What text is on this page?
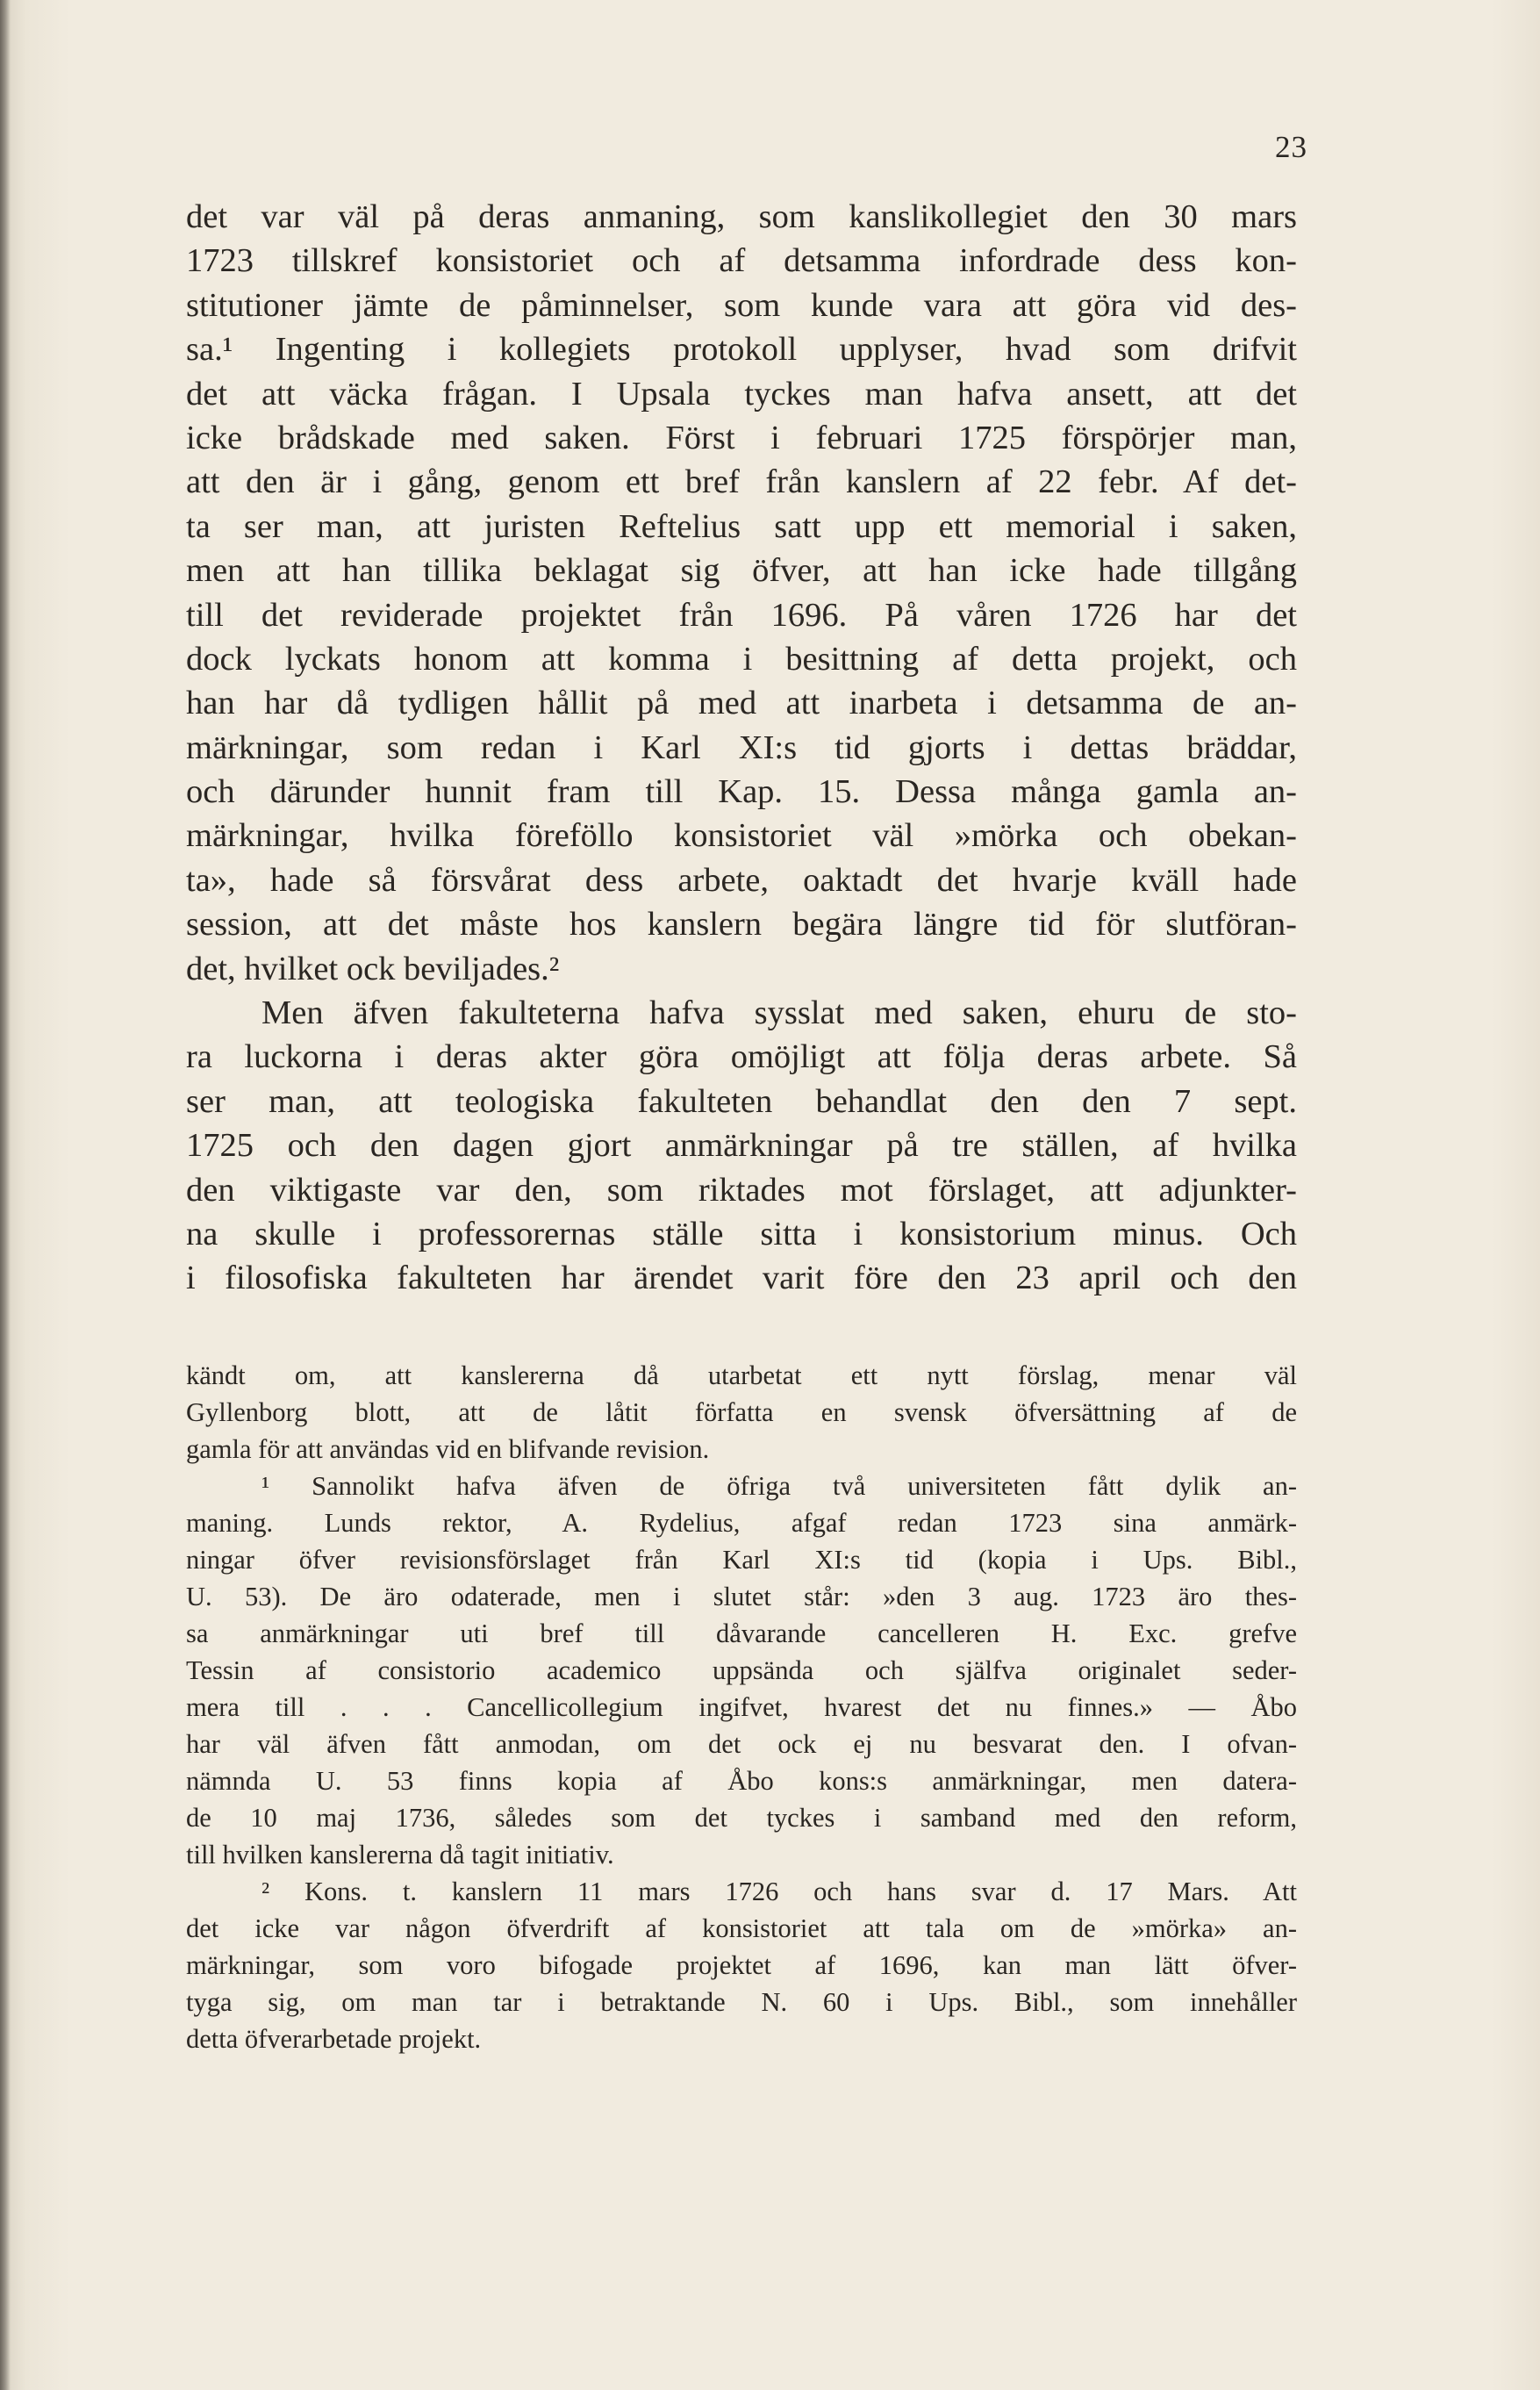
23
det var väl på deras anmaning, som kanslikollegiet den 30 mars
1723 tillskref konsistoriet och af detsamma infordrade dess kon-
stitutioner jämte de påminnelser, som kunde vara att göra vid des-
sa.¹ Ingenting i kollegiets protokoll upplyser, hvad som drifvit
det att väcka frågan. I Upsala tyckes man hafva ansett, att det
icke brådskade med saken. Först i februari 1725 förspörjer man,
att den är i gång, genom ett bref från kanslern af 22 febr. Af det-
ta ser man, att juristen Reftelius satt upp ett memorial i saken,
men att han tillika beklagat sig öfver, att han icke hade tillgång
till det reviderade projektet från 1696. På våren 1726 har det
dock lyckats honom att komma i besittning af detta projekt, och
han har då tydligen hållit på med att inarbeta i detsamma de an-
märkningar, som redan i Karl XI:s tid gjorts i dettas bräddar,
och därunder hunnit fram till Kap. 15. Dessa många gamla an-
märkningar, hvilka föreföllo konsistoriet väl »mörka och obekan-
ta», hade så försvårat dess arbete, oaktadt det hvarje kväll hade
session, att det måste hos kanslern begära längre tid för slutföran-
det, hvilket ock beviljades.²
Men äfven fakulteterna hafva sysslat med saken, ehuru de sto-
ra luckorna i deras akter göra omöjligt att följa deras arbete. Så
ser man, att teologiska fakulteten behandlat den den 7 sept.
1725 och den dagen gjort anmärkningar på tre ställen, af hvilka
den viktigaste var den, som riktades mot förslaget, att adjunkter-
na skulle i professorernas ställe sitta i konsistorium minus. Och
i filosofiska fakulteten har ärendet varit före den 23 april och den
kändt om, att kanslererna då utarbetat ett nytt förslag, menar väl
Gyllenborg blott, att de låtit författa en svensk öfversättning af de
gamla för att användas vid en blifvande revision.
¹ Sannolikt hafva äfven de öfriga två universiteten fått dylik an-
maning. Lunds rektor, A. Rydelius, afgaf redan 1723 sina anmärk-
ningar öfver revisionsförslaget från Karl XI:s tid (kopia i Ups. Bibl.,
U. 53). De äro odaterade, men i slutet står: »den 3 aug. 1723 äro thes-
sa anmärkningar uti bref till dåvarande cancelleren H. Exc. grefve
Tessin af consistorio academico uppsända och själfva originalet seder-
mera till . . . Cancellicollegium ingifvet, hvarest det nu finnes.» — Åbo
har väl äfven fått anmodan, om det ock ej nu besvarat den. I ofvan-
nämnda U. 53 finns kopia af Åbo kons:s anmärkningar, men datera-
de 10 maj 1736, således som det tyckes i samband med den reform,
till hvilken kanslererna då tagit initiativ.
² Kons. t. kanslern 11 mars 1726 och hans svar d. 17 Mars. Att
det icke var någon öfverdrift af konsistoriet att tala om de »mörka» an-
märkningar, som voro bifogade projektet af 1696, kan man lätt öfver-
tyga sig, om man tar i betraktande N. 60 i Ups. Bibl., som innehåller
detta öfverarbetade projekt.
